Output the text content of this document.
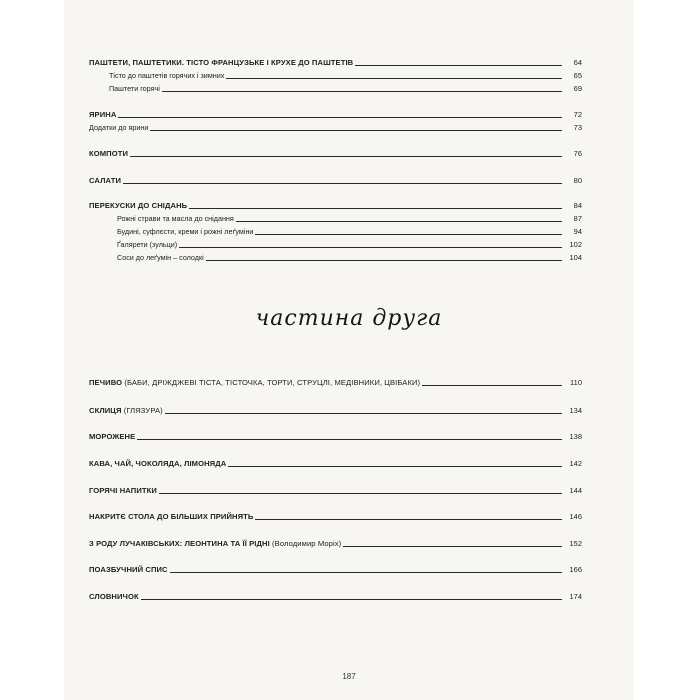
ПАШТЕТИ, ПАШТЕТИКИ. ТІСТО ФРАНЦУЗЬКЕ І КРУХЕ ДО ПАШТЕТІВ	64
Тісто до паштетів горячих і зимних	65
Паштети горячі	69
ЯРИНА	72
Додатки до ярини	73
КОМПОТИ	76
САЛАТИ	80
ПЕРЕКУСКИ ДО СНІДАНЬ	84
Рожні страви та масла до снідання	87
Будині, суфлєсти, креми і рожні леґуміни	94
Ґалярети (зульци)	102
Соси до леґумін – солодкі	104
частина друга
ПЕЧИВО (БАБИ, ДРІЖДЖЕВІ ТІСТА, ТІСТОЧКА, ТОРТИ, СТРУЦЛІ, МЕДІВНИКИ, ЦВІБАКИ)	110
СКЛИЦЯ (ГЛЯЗУРА)	134
МОРОЖЕНЕ	138
КАВА, ЧАЙ, ЧОКОЛЯДА, ЛІМОНЯДА	142
ГОРЯЧІ НАПИТКИ	144
НАКРИТЄ СТОЛА ДО БІЛЬШИХ ПРИЙНЯТЬ	146
З РОДУ ЛУЧАКІВСЬКИХ: ЛЕОНТИНА ТА ЇЇ РІДНІ (Володимир Моріх)	152
ПОАЗБУЧНИЙ СПИС	166
СЛОВНИЧОК	174
187
